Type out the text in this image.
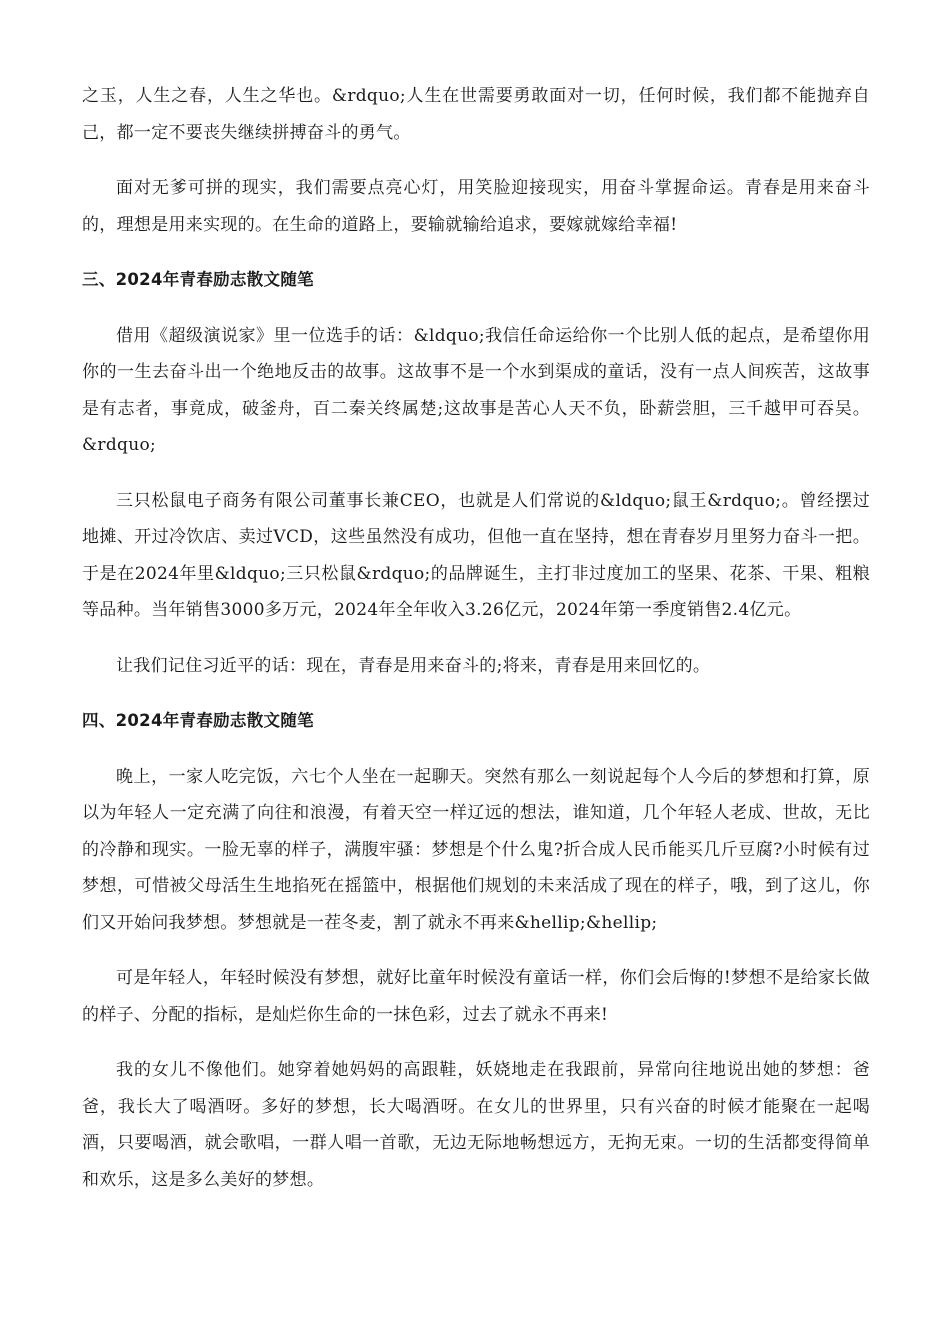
之玉，人生之春，人生之华也。&rdquo;人生在世需要勇敢面对一切，任何时候，我们都不能抛弃自己，都一定不要丧失继续拼搏奋斗的勇气。

面对无爹可拼的现实，我们需要点亮心灯，用笑脸迎接现实，用奋斗掌握命运。青春是用来奋斗的，理想是用来实现的。在生命的道路上，要输就输给追求，要嫁就嫁给幸福!

三、2024年青春励志散文随笔

借用《超级演说家》里一位选手的话：&ldquo;我信任命运给你一个比别人低的起点，是希望你用你的一生去奋斗出一个绝地反击的故事。这故事不是一个水到渠成的童话，没有一点人间疾苦，这故事是有志者，事竟成，破釜舟，百二秦关终属楚;这故事是苦心人天不负，卧薪尝胆，三千越甲可吞吴。&rdquo;

三只松鼠电子商务有限公司董事长兼CEO，也就是人们常说的&ldquo;鼠王&rdquo;。曾经摆过地摊、开过冷饮店、卖过VCD，这些虽然没有成功，但他一直在坚持，想在青春岁月里努力奋斗一把。于是在2024年里&ldquo;三只松鼠&rdquo;的品牌诞生，主打非过度加工的坚果、花茶、干果、粗粮等品种。当年销售3000多万元，2024年全年收入3.26亿元，2024年第一季度销售2.4亿元。

让我们记住习近平的话：现在，青春是用来奋斗的;将来，青春是用来回忆的。

四、2024年青春励志散文随笔

晚上，一家人吃完饭，六七个人坐在一起聊天。突然有那么一刻说起每个人今后的梦想和打算，原以为年轻人一定充满了向往和浪漫，有着天空一样辽远的想法，谁知道，几个年轻人老成、世故，无比的冷静和现实。一脸无辜的样子，满腹牢骚：梦想是个什么鬼?折合成人民币能买几斤豆腐?小时候有过梦想，可惜被父母活生生地掐死在摇篮中，根据他们规划的未来活成了现在的样子，哦，到了这儿，你们又开始问我梦想。梦想就是一茬冬麦，割了就永不再来&hellip;&hellip;

可是年轻人，年轻时候没有梦想，就好比童年时候没有童话一样，你们会后悔的!梦想不是给家长做的样子、分配的指标，是灿烂你生命的一抹色彩，过去了就永不再来!

我的女儿不像他们。她穿着她妈妈的高跟鞋，妖娆地走在我跟前，异常向往地说出她的梦想：爸爸，我长大了喝酒呀。多好的梦想，长大喝酒呀。在女儿的世界里，只有兴奋的时候才能聚在一起喝酒，只要喝酒，就会歌唱，一群人唱一首歌，无边无际地畅想远方，无拘无束。一切的生活都变得简单和欢乐，这是多么美好的梦想。
